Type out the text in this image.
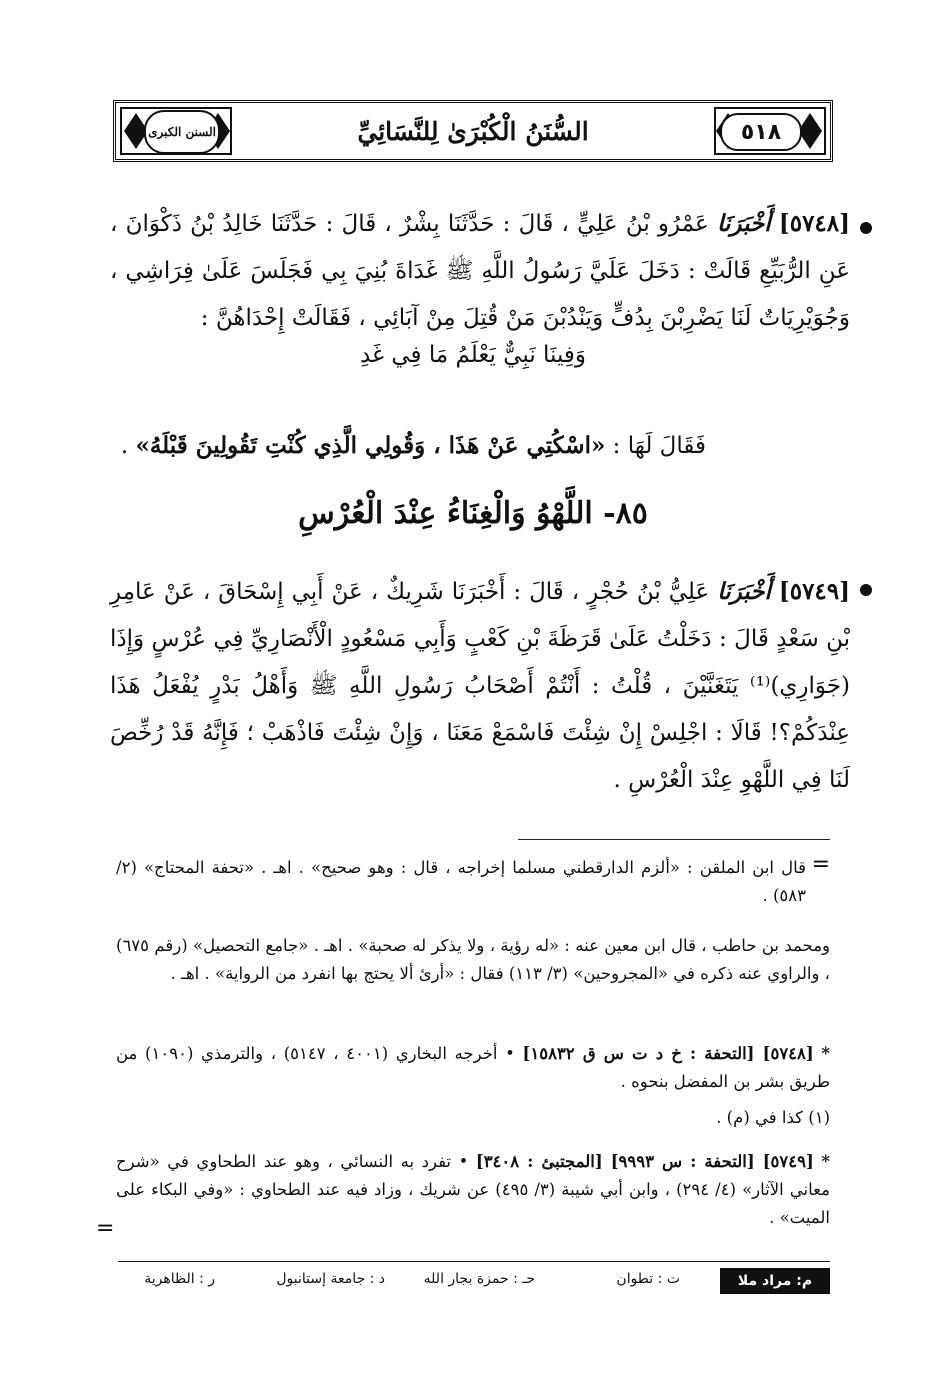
السنن الكبرى	٥١٨
السُّنَنُ الْكُبْرَىٰ لِلنَّسَائِيِّ
[٥٧٤٨] أَخْبَرَنَا عَمْرُو بْنُ عَلِيٍّ ، قَالَ : حَدَّثَنَا بِشْرٌ ، قَالَ : حَدَّثَنَا خَالِدُ بْنُ ذَكْوَانَ ، عَنِ الرُّبَيِّعِ قَالَتْ : دَخَلَ عَلَيَّ رَسُولُ اللَّهِ ﷺ غَدَاةَ بُنِيَ بِي فَجَلَسَ عَلَىٰ فِرَاشِي ، وَجُوَيْرِيَاتٌ لَنَا يَضْرِبْنَ بِدُفٍّ وَيَنْدُبْنَ مَنْ قُتِلَ مِنْ آبَائِي ، فَقَالَتْ إِحْدَاهُنَّ :
وَفِينَا نَبِيٌّ يَعْلَمُ مَا فِي غَدِ
فَقَالَ لَهَا : «اسْكُتِي عَنْ هَذَا ، وَقُولِي الَّذِي كُنْتِ تَقُولِينَ قَبْلَهُ» .
٨٥- اللَّهْوُ وَالْغِنَاءُ عِنْدَ الْعُرْسِ
[٥٧٤٩] أَخْبَرَنَا عَلِيُّ بْنُ حُجْرٍ ، قَالَ : أَخْبَرَنَا شَرِيكٌ ، عَنْ أَبِي إِسْحَاقَ ، عَنْ عَامِرِ بْنِ سَعْدٍ قَالَ : دَخَلْتُ عَلَىٰ قَرَظَةَ بْنِ كَعْبٍ وَأَبِي مَسْعُودٍ الْأَنْصَارِيِّ فِي عُرْسٍ وَإِذَا (جَوَارِي)⁽¹⁾ يَتَغَنَّيْنَ ، قُلْتُ : أَنْتُمْ أَصْحَابُ رَسُولِ اللَّهِ ﷺ وَأَهْلُ بَدْرٍ يُفْعَلُ هَذَا عِنْدَكُمْ؟! قَالَا : اجْلِسْ إِنْ شِئْتَ فَاسْمَعْ مَعَنَا ، وَإِنْ شِئْتَ فَاذْهَبْ ؛ فَإِنَّهُ قَدْ رُخِّصَ لَنَا فِي اللَّهْوِ عِنْدَ الْعُرْسِ .
=
قال ابن الملقن : «ألزم الدارقطني مسلما إخراجه ، قال : وهو صحيح» . اهـ . «تحفة المحتاج» (٢/ ٥٨٣) .
ومحمد بن حاطب ، قال ابن معين عنه : «له رؤية ، ولا يذكر له صحبة» . اهـ . «جامع التحصيل» (رقم ٦٧٥) ، والراوي عنه ذكره في «المجروحين» (٣/ ١١٣) فقال : «أرئ ألا يحتج بها انفرد من الرواية» . اهـ .
* [٥٧٤٨] [التحفة : خ د ت س ق ١٥٨٣٢] • أخرجه البخاري (٤٠٠١ ، ٥١٤٧) ، والترمذي (١٠٩٠) من طريق بشر بن المفضل بنحوه .
(١) كذا في (م) .
* [٥٧٤٩] [التحفة : س ٩٩٩٣] [المجتبئ : ٣٤٠٨] • تفرد به النسائي ، وهو عند الطحاوي في «شرح معاني الآثار» (٤/ ٢٩٤) ، وابن أبي شيبة (٣/ ٤٩٥) عن شريك ، وزاد فيه عند الطحاوي : «وفي البكاء على الميت» .
=
م: مراد ملا
ت : تطوان
حـ : حمزة بجار الله
د : جامعة إستانبول
ر : الظاهرية
